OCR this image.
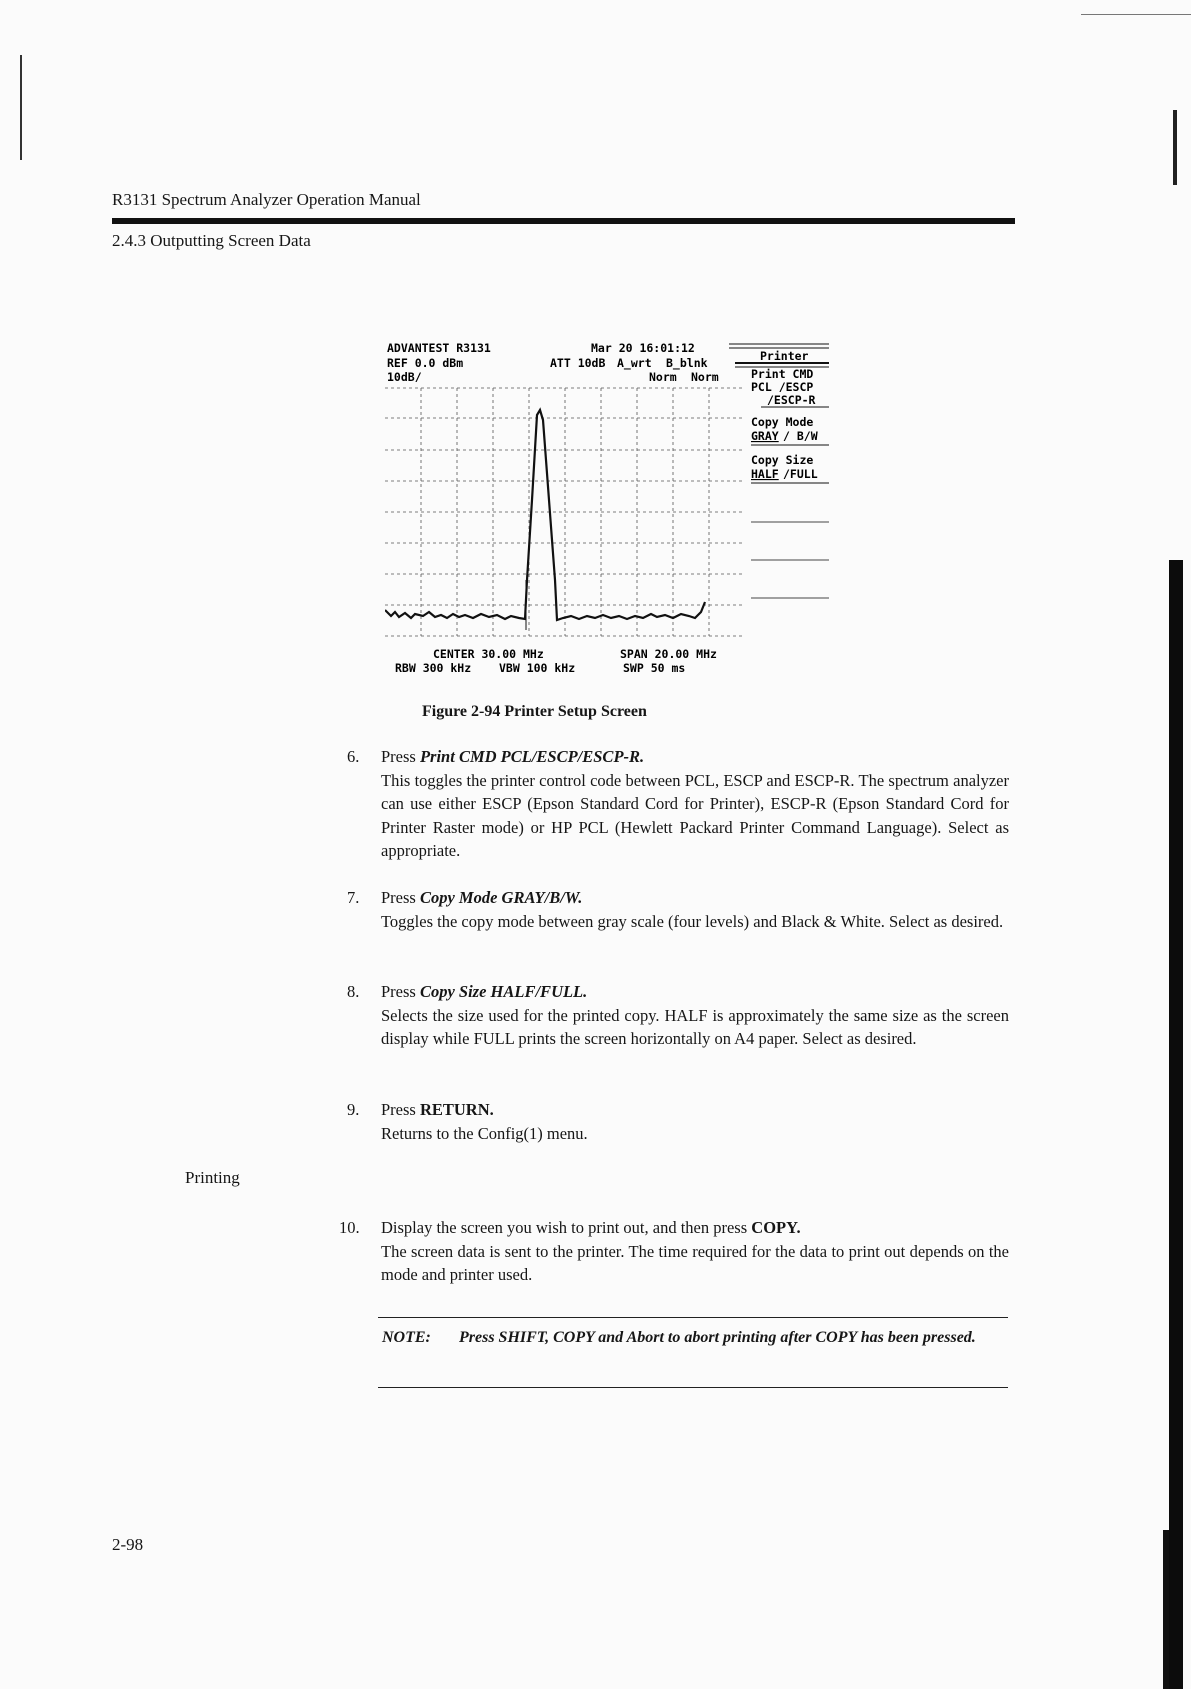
R3131 Spectrum Analyzer Operation Manual
2.4.3 Outputting Screen Data
ADVANTEST R3131	Mar 20 16:01:12
REF 0.0 dBm
10dB/
ATT 10dB A_wrt B_blnk
Norm Norm
Printer
Print CMD
PCL /ESCP
/ESCP-R
Copy Mode
GRAY / B/W
Copy Size
HALF /FULL
CENTER 30.00 MHz	SPAN 20.00 MHz
RBW 300 kHz VBW 100 kHz	SWP 50 ms
Figure 2-94 Printer Setup Screen
6. Press Print CMD PCL/ESCP/ESCP-R.
This toggles the printer control code between PCL, ESCP and ESCP-R. The spectrum analyzer can use either ESCP (Epson Standard Cord for Printer), ESCP-R (Epson Standard Cord for Printer Raster mode) or HP PCL (Hewlett Packard Printer Command Language). Select as appropriate.
7. Press Copy Mode GRAY/B/W.
Toggles the copy mode between gray scale (four levels) and Black & White. Select as desired.
8. Press Copy Size HALF/FULL.
Selects the size used for the printed copy. HALF is approximately the same size as the screen display while FULL prints the screen horizontally on A4 paper. Select as desired.
9. Press RETURN.
Returns to the Config(1) menu.
Printing
10. Display the screen you wish to print out, and then press COPY.
The screen data is sent to the printer. The time required for the data to print out depends on the mode and printer used.
NOTE: Press SHIFT, COPY and Abort to abort printing after COPY has been pressed.
2-98
